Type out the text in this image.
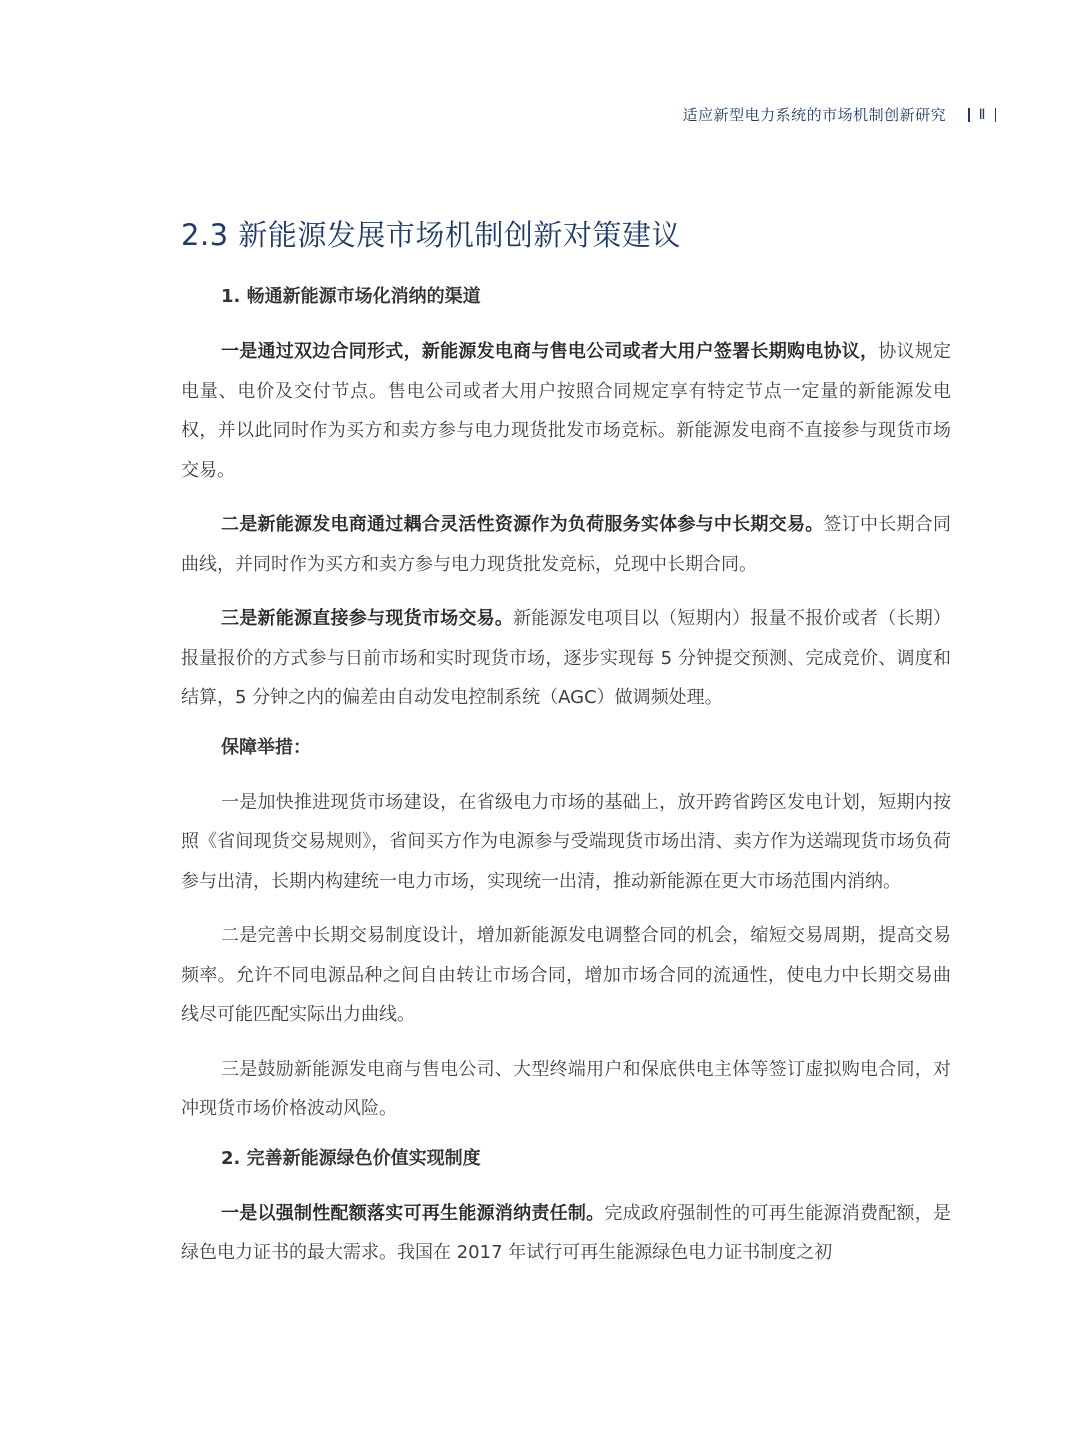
适应新型电力系统的市场机制创新研究 Ⅱ
2.3 新能源发展市场机制创新对策建议
1. 畅通新能源市场化消纳的渠道

一是通过双边合同形式，新能源发电商与售电公司或者大用户签署长期购电协议，协议规定电量、电价及交付节点。售电公司或者大用户按照合同规定享有特定节点一定量的新能源发电权，并以此同时作为买方和卖方参与电力现货批发市场竞标。新能源发电商不直接参与现货市场交易。

二是新能源发电商通过耦合灵活性资源作为负荷服务实体参与中长期交易。签订中长期合同曲线，并同时作为买方和卖方参与电力现货批发竞标，兑现中长期合同。

三是新能源直接参与现货市场交易。新能源发电项目以（短期内）报量不报价或者（长期）报量报价的方式参与日前市场和实时现货市场，逐步实现每 5 分钟提交预测、完成竞价、调度和结算，5 分钟之内的偏差由自动发电控制系统（AGC）做调频处理。

保障举措：

一是加快推进现货市场建设，在省级电力市场的基础上，放开跨省跨区发电计划，短期内按照《省间现货交易规则》，省间买方作为电源参与受端现货市场出清、卖方作为送端现货市场负荷参与出清，长期内构建统一电力市场，实现统一出清，推动新能源在更大市场范围内消纳。

二是完善中长期交易制度设计，增加新能源发电调整合同的机会，缩短交易周期，提高交易频率。允许不同电源品种之间自由转让市场合同，增加市场合同的流通性，使电力中长期交易曲线尽可能匹配实际出力曲线。

三是鼓励新能源发电商与售电公司、大型终端用户和保底供电主体等签订虚拟购电合同，对冲现货市场价格波动风险。

2. 完善新能源绿色价值实现制度

一是以强制性配额落实可再生能源消纳责任制。完成政府强制性的可再生能源消费配额，是绿色电力证书的最大需求。我国在 2017 年试行可再生能源绿色电力证书制度之初
